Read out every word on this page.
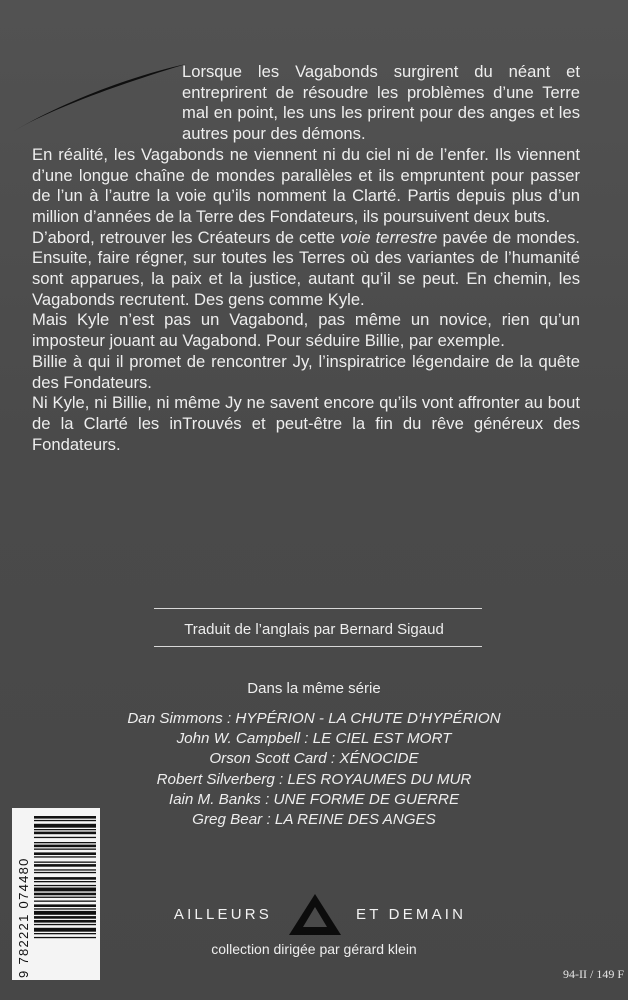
Lorsque les Vagabonds surgirent du néant et entreprirent de résoudre les problèmes d’une Terre mal en point, les uns les prirent pour des anges et les autres pour des démons.

En réalité, les Vagabonds ne viennent ni du ciel ni de l’enfer. Ils viennent d’une longue chaîne de mondes parallèles et ils empruntent pour passer de l’un à l’autre la voie qu’ils nomment la Clarté. Partis depuis plus d’un million d’années de la Terre des Fondateurs, ils poursuivent deux buts.

D’abord, retrouver les Créateurs de cette voie terrestre pavée de mondes. Ensuite, faire régner, sur toutes les Terres où des variantes de l’humanité sont apparues, la paix et la justice, autant qu’il se peut. En chemin, les Vagabonds recrutent. Des gens comme Kyle.

Mais Kyle n’est pas un Vagabond, pas même un novice, rien qu’un imposteur jouant au Vagabond. Pour séduire Billie, par exemple.

Billie à qui il promet de rencontrer Jy, l’inspiratrice légendaire de la quête des Fondateurs.

Ni Kyle, ni Billie, ni même Jy ne savent encore qu’ils vont affronter au bout de la Clarté les inTrouvés et peut-être la fin du rêve généreux des Fondateurs.

Traduit de l’anglais par Bernard Sigaud
Dans la même série
Dan Simmons : HYPÉRION - LA CHUTE D’HYPÉRION
John W. Campbell : LE CIEL EST MORT
Orson Scott Card : XÉNOCIDE
Robert Silverberg : LES ROYAUMES DU MUR
Iain M. Banks : UNE FORME DE GUERRE
Greg Bear : LA REINE DES ANGES
9 782221 074480	AILLEURS	ET DEMAIN
collection dirigée par gérard klein
94-II / 149 F
